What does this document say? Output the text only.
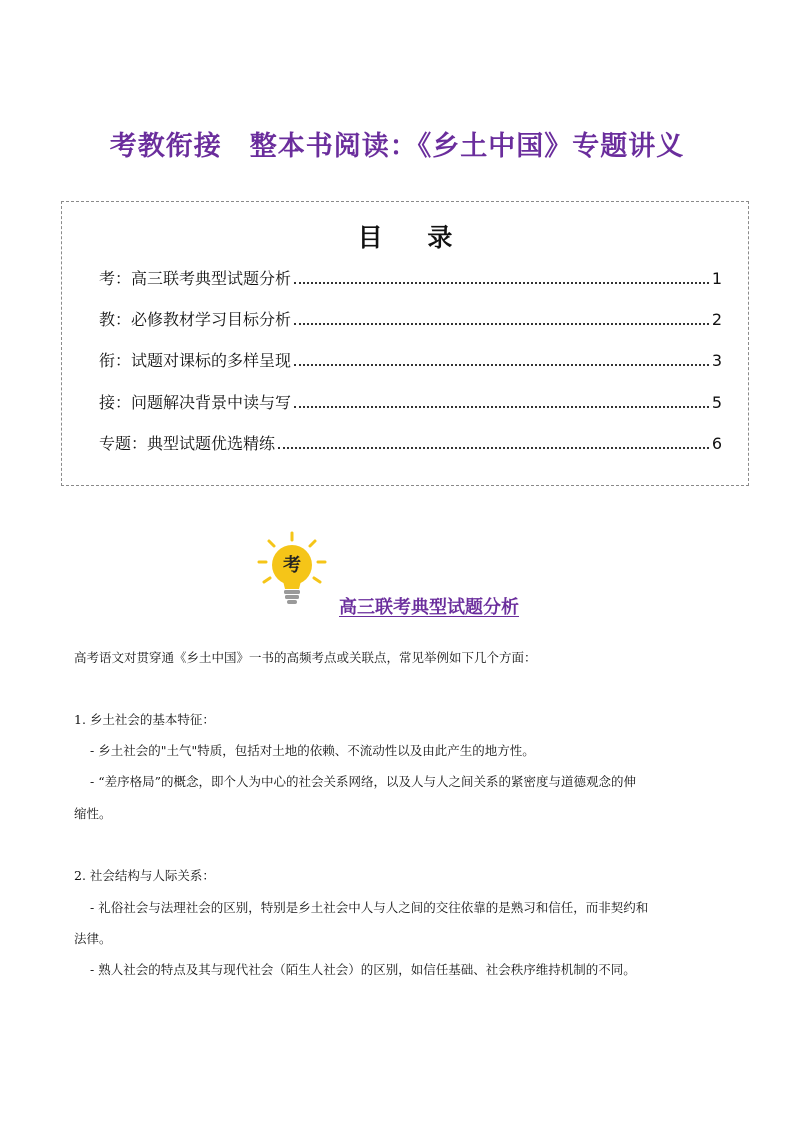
考教衔接　整本书阅读：《乡土中国》专题讲义
目 录
考：高三联考典型试题分析	1
教：必修教材学习目标分析	2
衔：试题对课标的多样呈现	3
接：问题解决背景中读与写	5
专题：典型试题优选精练	6
考
高三联考典型试题分析

高考语文对贯穿通《乡土中国》一书的高频考点或关联点，常见举例如下几个方面：

1. 乡土社会的基本特征：

- 乡土社会的"土气"特质，包括对土地的依赖、不流动性以及由此产生的地方性。

- “差序格局”的概念，即个人为中心的社会关系网络，以及人与人之间关系的紧密度与道德观念的伸

缩性。

2. 社会结构与人际关系：

- 礼俗社会与法理社会的区别，特别是乡土社会中人与人之间的交往依靠的是熟习和信任，而非契约和

法律。

- 熟人社会的特点及其与现代社会（陌生人社会）的区别，如信任基础、社会秩序维持机制的不同。
